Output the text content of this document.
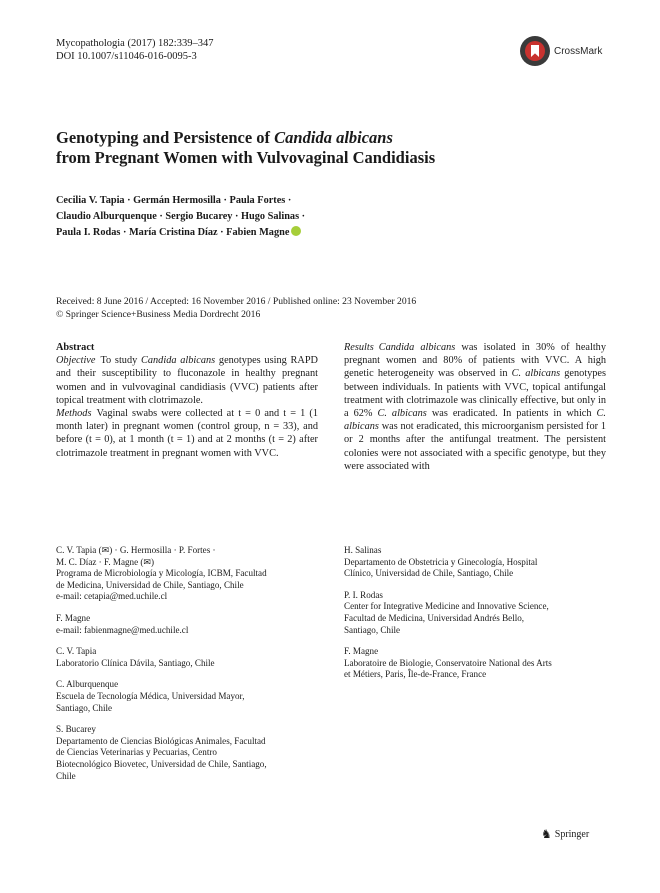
Mycopathologia (2017) 182:339–347
DOI 10.1007/s11046-016-0095-3	CrossMark
Genotyping and Persistence of Candida albicans
from Pregnant Women with Vulvovaginal Candidiasis
Cecilia V. Tapia · Germán Hermosilla · Paula Fortes ·
Claudio Alburquenque · Sergio Bucarey · Hugo Salinas ·
Paula I. Rodas · María Cristina Díaz · Fabien Magne
Received: 8 June 2016 / Accepted: 16 November 2016 / Published online: 23 November 2016
© Springer Science+Business Media Dordrecht 2016
Abstract
Objective To study Candida albicans genotypes using RAPD and their susceptibility to fluconazole in healthy pregnant women and in vulvovaginal candidiasis (VVC) patients after topical treatment with clotrimazole.
Methods Vaginal swabs were collected at t = 0 and t = 1 (1 month later) in pregnant women (control group, n = 33), and before (t = 0), at 1 month (t = 1) and at 2 months (t = 2) after clotrimazole treatment in pregnant women with VVC.
Results Candida albicans was isolated in 30% of healthy pregnant women and 80% of patients with VVC. A high genetic heterogeneity was observed in C. albicans genotypes between individuals. In patients with VVC, topical antifungal treatment with clotrimazole was clinically effective, but only in a 62% C. albicans was eradicated. In patients in which C. albicans was not eradicated, this microorganism persisted for 1 or 2 months after the antifungal treatment. The persistent colonies were not associated with a specific genotype, but they were associated with
C. V. Tapia (✉) · G. Hermosilla · P. Fortes ·
M. C. Díaz · F. Magne (✉)
Programa de Microbiología y Micología, ICBM, Facultad
de Medicina, Universidad de Chile, Santiago, Chile
e-mail: cetapia@med.uchile.cl
F. Magne
e-mail: fabienmagne@med.uchile.cl
C. V. Tapia
Laboratorio Clínica Dávila, Santiago, Chile
C. Alburquenque
Escuela de Tecnología Médica, Universidad Mayor,
Santiago, Chile
S. Bucarey
Departamento de Ciencias Biológicas Animales, Facultad
de Ciencias Veterinarias y Pecuarias, Centro
Biotecnológico Biovetec, Universidad de Chile, Santiago,
Chile
H. Salinas
Departamento de Obstetricia y Ginecología, Hospital
Clínico, Universidad de Chile, Santiago, Chile
P. I. Rodas
Center for Integrative Medicine and Innovative Science,
Facultad de Medicina, Universidad Andrés Bello,
Santiago, Chile
F. Magne
Laboratoire de Biologie, Conservatoire National des Arts
et Métiers, Paris, Île-de-France, France
♞ Springer
